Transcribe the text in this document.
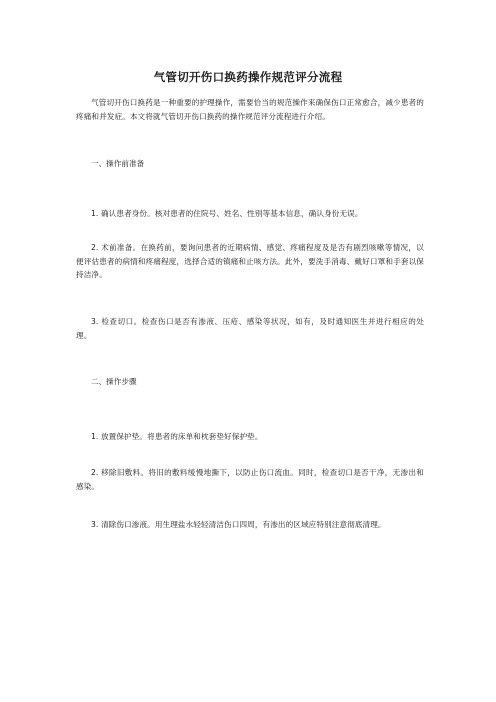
气管切开伤口换药操作规范评分流程
气管切开伤口换药是一种重要的护理操作，需要恰当的规范操作来确保伤口正常愈合，减少患者的疼痛和并发症。本文将就气管切开伤口换药的操作规范评分流程进行介绍。
一、操作前准备
1. 确认患者身份。核对患者的住院号、姓名、性别等基本信息，确认身份无误。
2. 术前准备。在换药前，要询问患者的近期病情、感觉、疼痛程度及是否有剧烈咳嗽等情况，以便评估患者的病情和疼痛程度，选择合适的镇痛和止咳方法。此外，要洗手消毒、戴好口罩和手套以保持洁净。
3. 检查切口。检查伤口是否有渗液、压疮、感染等状况，如有，及时通知医生并进行相应的处理。
二、操作步骤
1. 放置保护垫。将患者的床单和枕套垫好保护垫。
2. 移除旧敷料。将旧的敷料缓慢地撕下，以防止伤口流血。同时，检查切口是否干净，无渗出和感染。
3. 清除伤口渗液。用生理盐水轻轻清洁伤口四周，有渗出的区域应特别注意彻底清理。
